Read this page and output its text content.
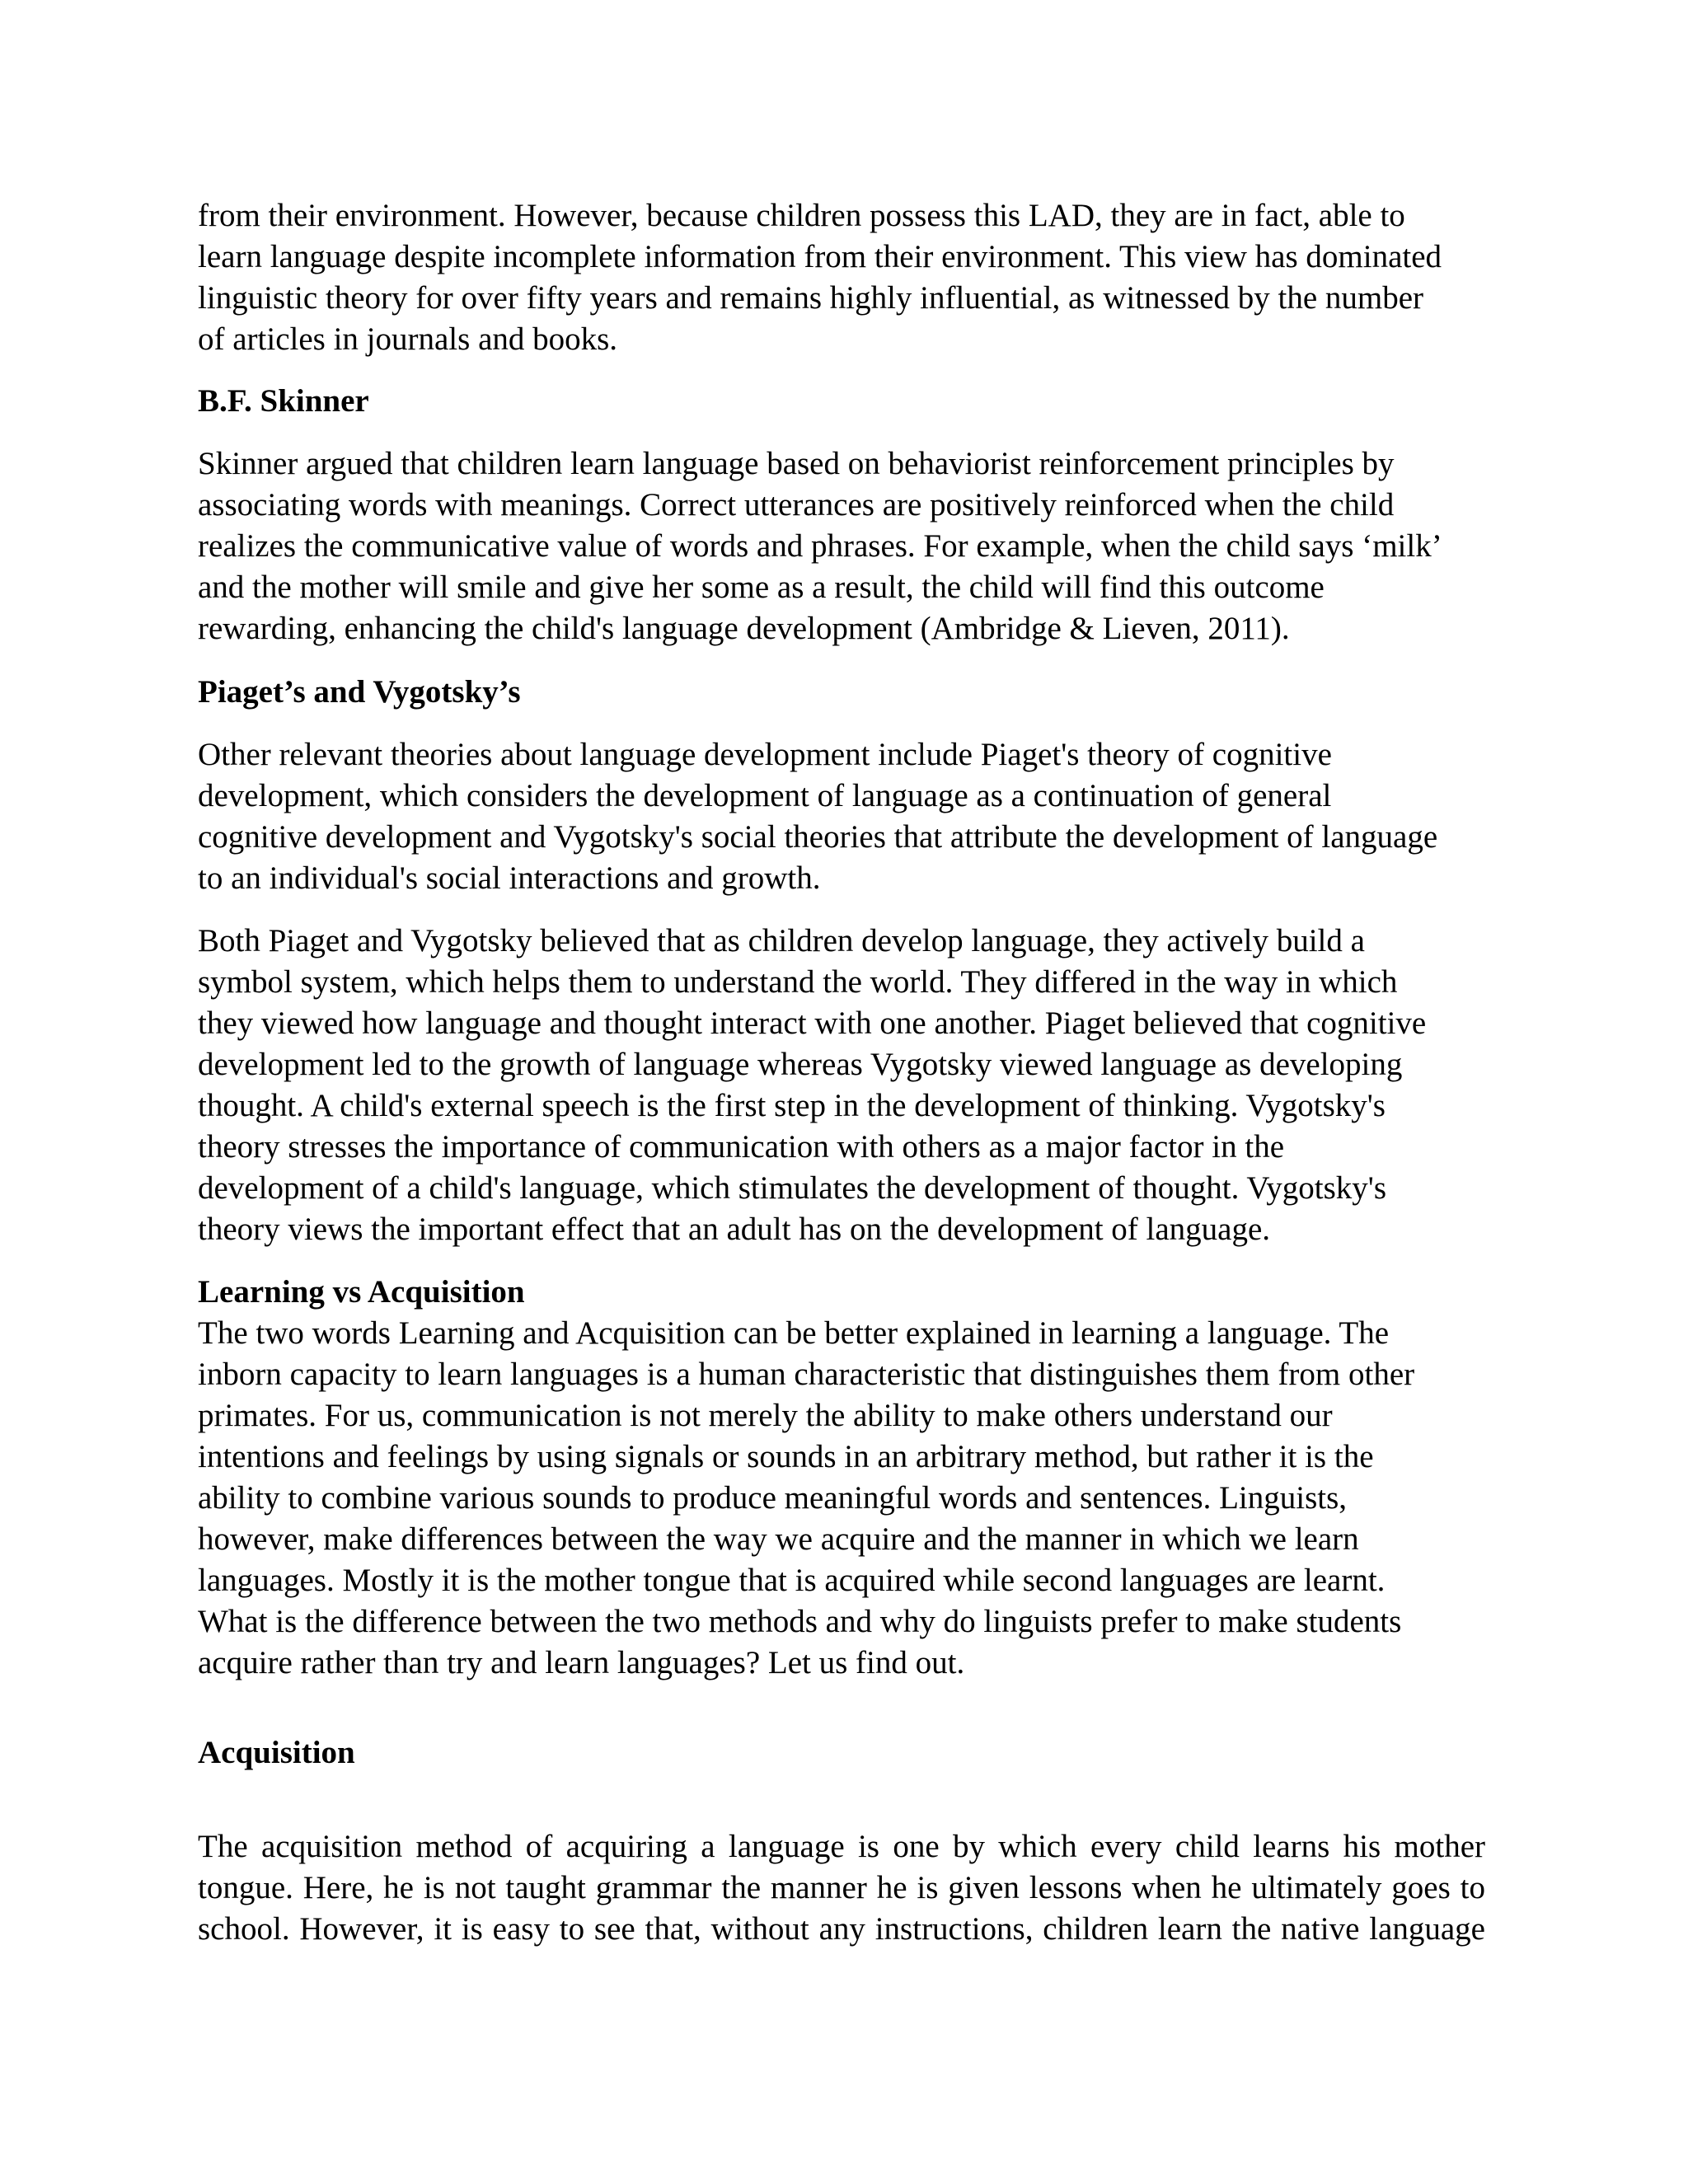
from their environment. However, because children possess this LAD, they are in fact, able to
learn language despite incomplete information from their environment. This view has dominated
linguistic theory for over fifty years and remains highly influential, as witnessed by the number
of articles in journals and books.

B.F. Skinner

Skinner argued that children learn language based on behaviorist reinforcement principles by
associating words with meanings. Correct utterances are positively reinforced when the child
realizes the communicative value of words and phrases. For example, when the child says ‘milk’
and the mother will smile and give her some as a result, the child will find this outcome
rewarding, enhancing the child's language development (Ambridge & Lieven, 2011).

Piaget’s and Vygotsky’s

Other relevant theories about language development include Piaget's theory of cognitive
development, which considers the development of language as a continuation of general
cognitive development and Vygotsky's social theories that attribute the development of language
to an individual's social interactions and growth.

Both Piaget and Vygotsky believed that as children develop language, they actively build a
symbol system, which helps them to understand the world. They differed in the way in which
they viewed how language and thought interact with one another. Piaget believed that cognitive
development led to the growth of language whereas Vygotsky viewed language as developing
thought. A child's external speech is the first step in the development of thinking. Vygotsky's
theory stresses the importance of communication with others as a major factor in the
development of a child's language, which stimulates the development of thought. Vygotsky's
theory views the important effect that an adult has on the development of language.

Learning vs Acquisition

The two words Learning and Acquisition can be better explained in learning a language. The
inborn capacity to learn languages is a human characteristic that distinguishes them from other
primates. For us, communication is not merely the ability to make others understand our
intentions and feelings by using signals or sounds in an arbitrary method, but rather it is the
ability to combine various sounds to produce meaningful words and sentences. Linguists,
however, make differences between the way we acquire and the manner in which we learn
languages. Mostly it is the mother tongue that is acquired while second languages are learnt.
What is the difference between the two methods and why do linguists prefer to make students
acquire rather than try and learn languages? Let us find out.

Acquisition

The acquisition method of acquiring a language is one by which every child learns his mother
tongue. Here, he is not taught grammar the manner he is given lessons when he ultimately goes to
school. However, it is easy to see that, without any instructions, children learn the native language
